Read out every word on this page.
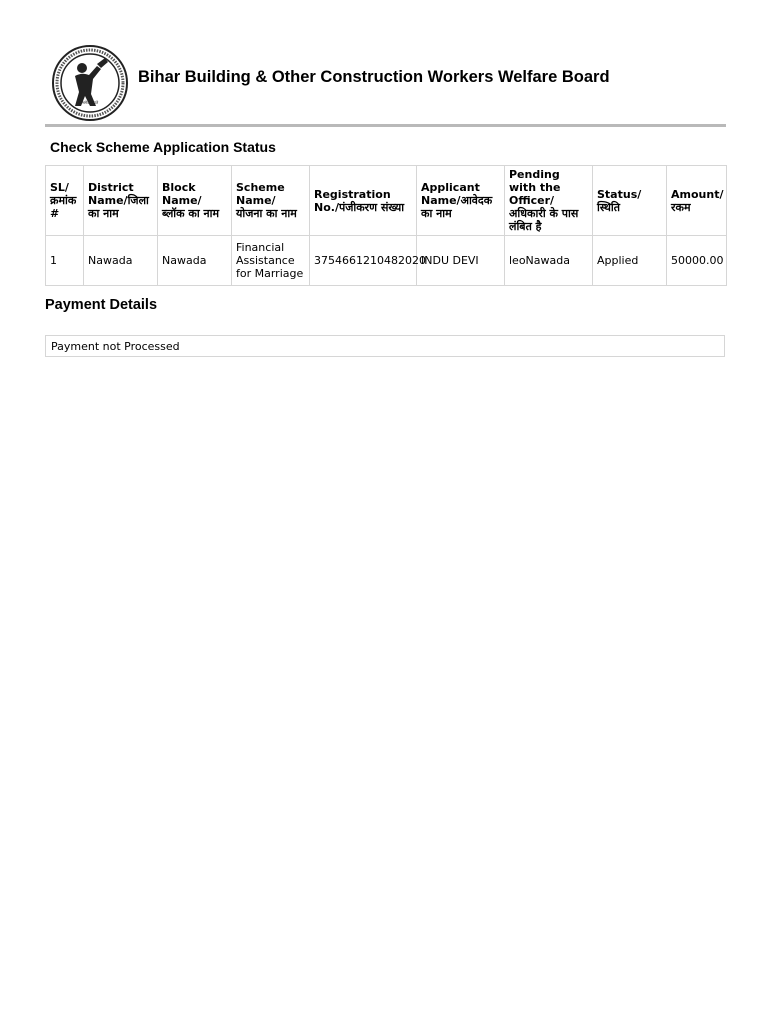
श्रमेव जयते
Bihar Building & Other Construction Workers Welfare Board
Check Scheme Application Status
SL/ क्रमांक #	District Name/जिला का नाम	Block Name/ ब्लॉक का नाम	Scheme Name/ योजना का नाम	Registration No./पंजीकरण संख्या	Applicant Name/आवेदक का नाम	Pending with the Officer/ अधिकारी के पास लंबित है	Status/ स्थिति	Amount/ रकम
1	Nawada	Nawada	Financial Assistance for Marriage	3754661210482020	INDU DEVI	leoNawada	Applied	50000.00
Payment Details
Payment not Processed
